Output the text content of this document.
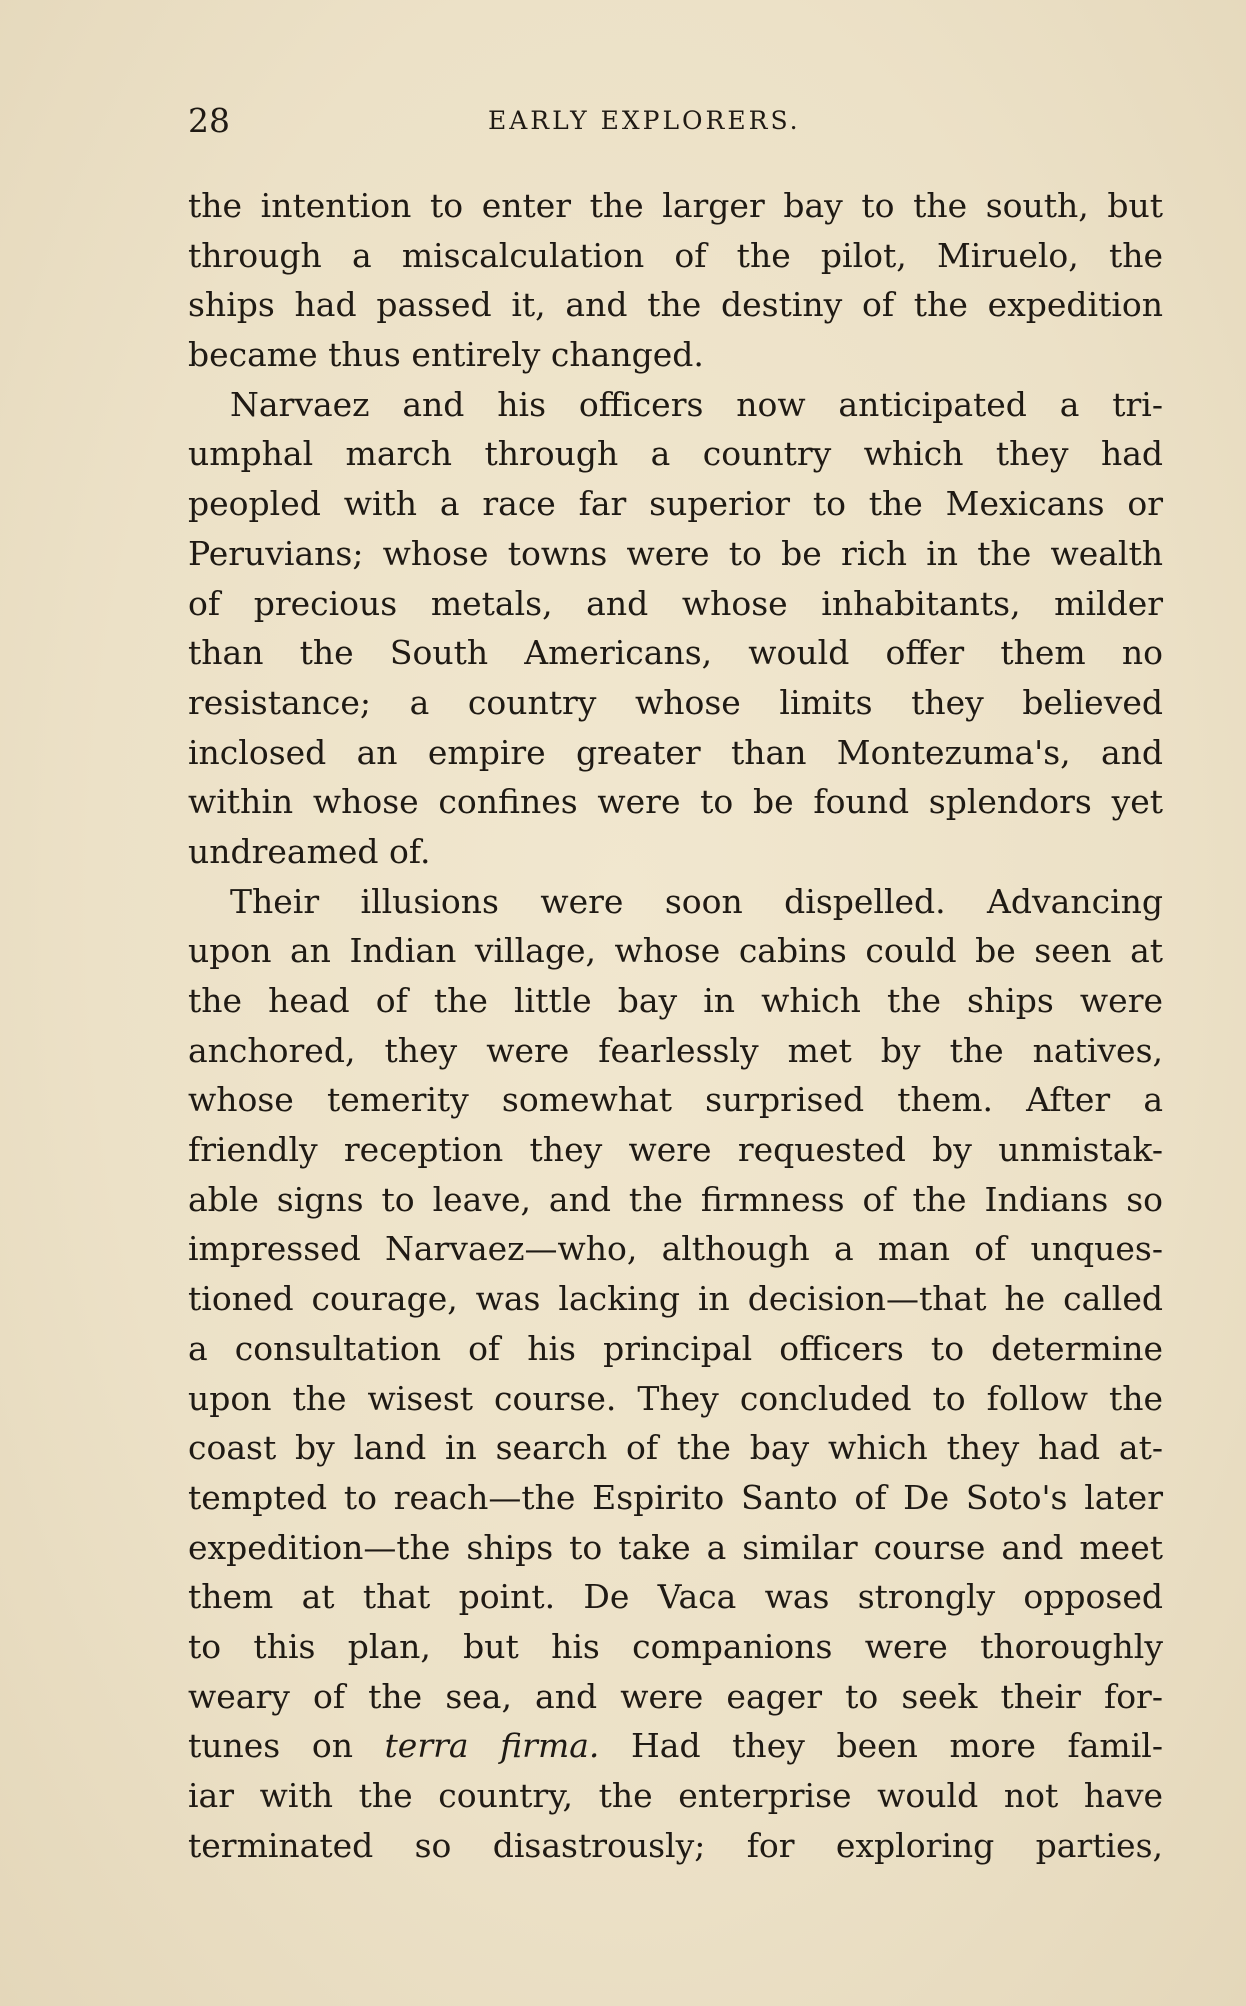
28	EARLY EXPLORERS.
the intention to enter the larger bay to the south, but
through a miscalculation of the pilot, Miruelo, the
ships had passed it, and the destiny of the expedition
became thus entirely changed.
Narvaez and his officers now anticipated a tri-
umphal march through a country which they had
peopled with a race far superior to the Mexicans or
Peruvians; whose towns were to be rich in the wealth
of precious metals, and whose inhabitants, milder
than the South Americans, would offer them no
resistance; a country whose limits they believed
inclosed an empire greater than Montezuma's, and
within whose confines were to be found splendors yet
undreamed of.
Their illusions were soon dispelled. Advancing
upon an Indian village, whose cabins could be seen at
the head of the little bay in which the ships were
anchored, they were fearlessly met by the natives,
whose temerity somewhat surprised them. After a
friendly reception they were requested by unmistak-
able signs to leave, and the firmness of the Indians so
impressed Narvaez—who, although a man of unques-
tioned courage, was lacking in decision—that he called
a consultation of his principal officers to determine
upon the wisest course. They concluded to follow the
coast by land in search of the bay which they had at-
tempted to reach—the Espirito Santo of De Soto's later
expedition—the ships to take a similar course and meet
them at that point. De Vaca was strongly opposed
to this plan, but his companions were thoroughly
weary of the sea, and were eager to seek their for-
tunes on terra firma. Had they been more famil-
iar with the country, the enterprise would not have
terminated so disastrously; for exploring parties,
